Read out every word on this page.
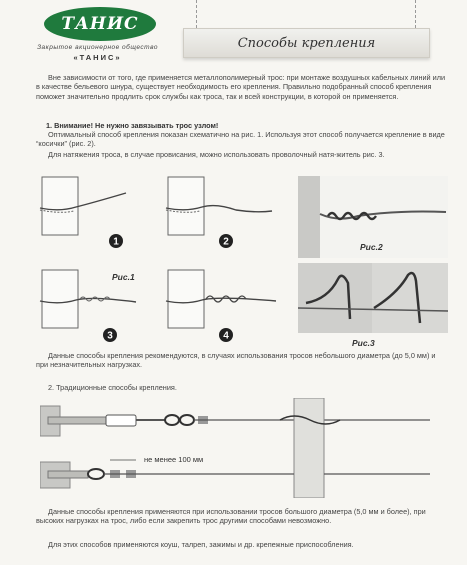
ТАНИС
Закрытое акционерное общество
«ТАНИС»
Способы крепления
Вне зависимости от того, где применяется металлополимерный трос: при монтаже воздушных кабельных линий или в качестве бельевого шнура, существует необходимость его крепления. Правильно подобранный способ крепления поможет значительно продлить срок службы как троса, так и всей конструкции, в которой он применяется.
1. Внимание! Не нужно завязывать трос узлом!
Оптимальный способ крепления показан схематично на рис. 1. Используя этот способ получается крепление в виде “косички” (рис. 2).
Для натяжения троса, в случае провисания, можно использовать проволочный натя-житель рис. 3.
1	2
3	4
Рис.1
Рис.2
Рис.3
Данные способы крепления рекомендуются, в случаях использования тросов небольшого диаметра (до 5,0 мм) и при незначительных нагрузках.
2. Традиционные способы крепления.
не менее 100 мм
Данные способы крепления применяются при использовании тросов большого диаметра (5,0 мм и более), при высоких нагрузках на трос, либо если закрепить трос другими способами невозможно.
Для этих способов применяются коуш, талреп, зажимы и др. крепежные приспособления.
